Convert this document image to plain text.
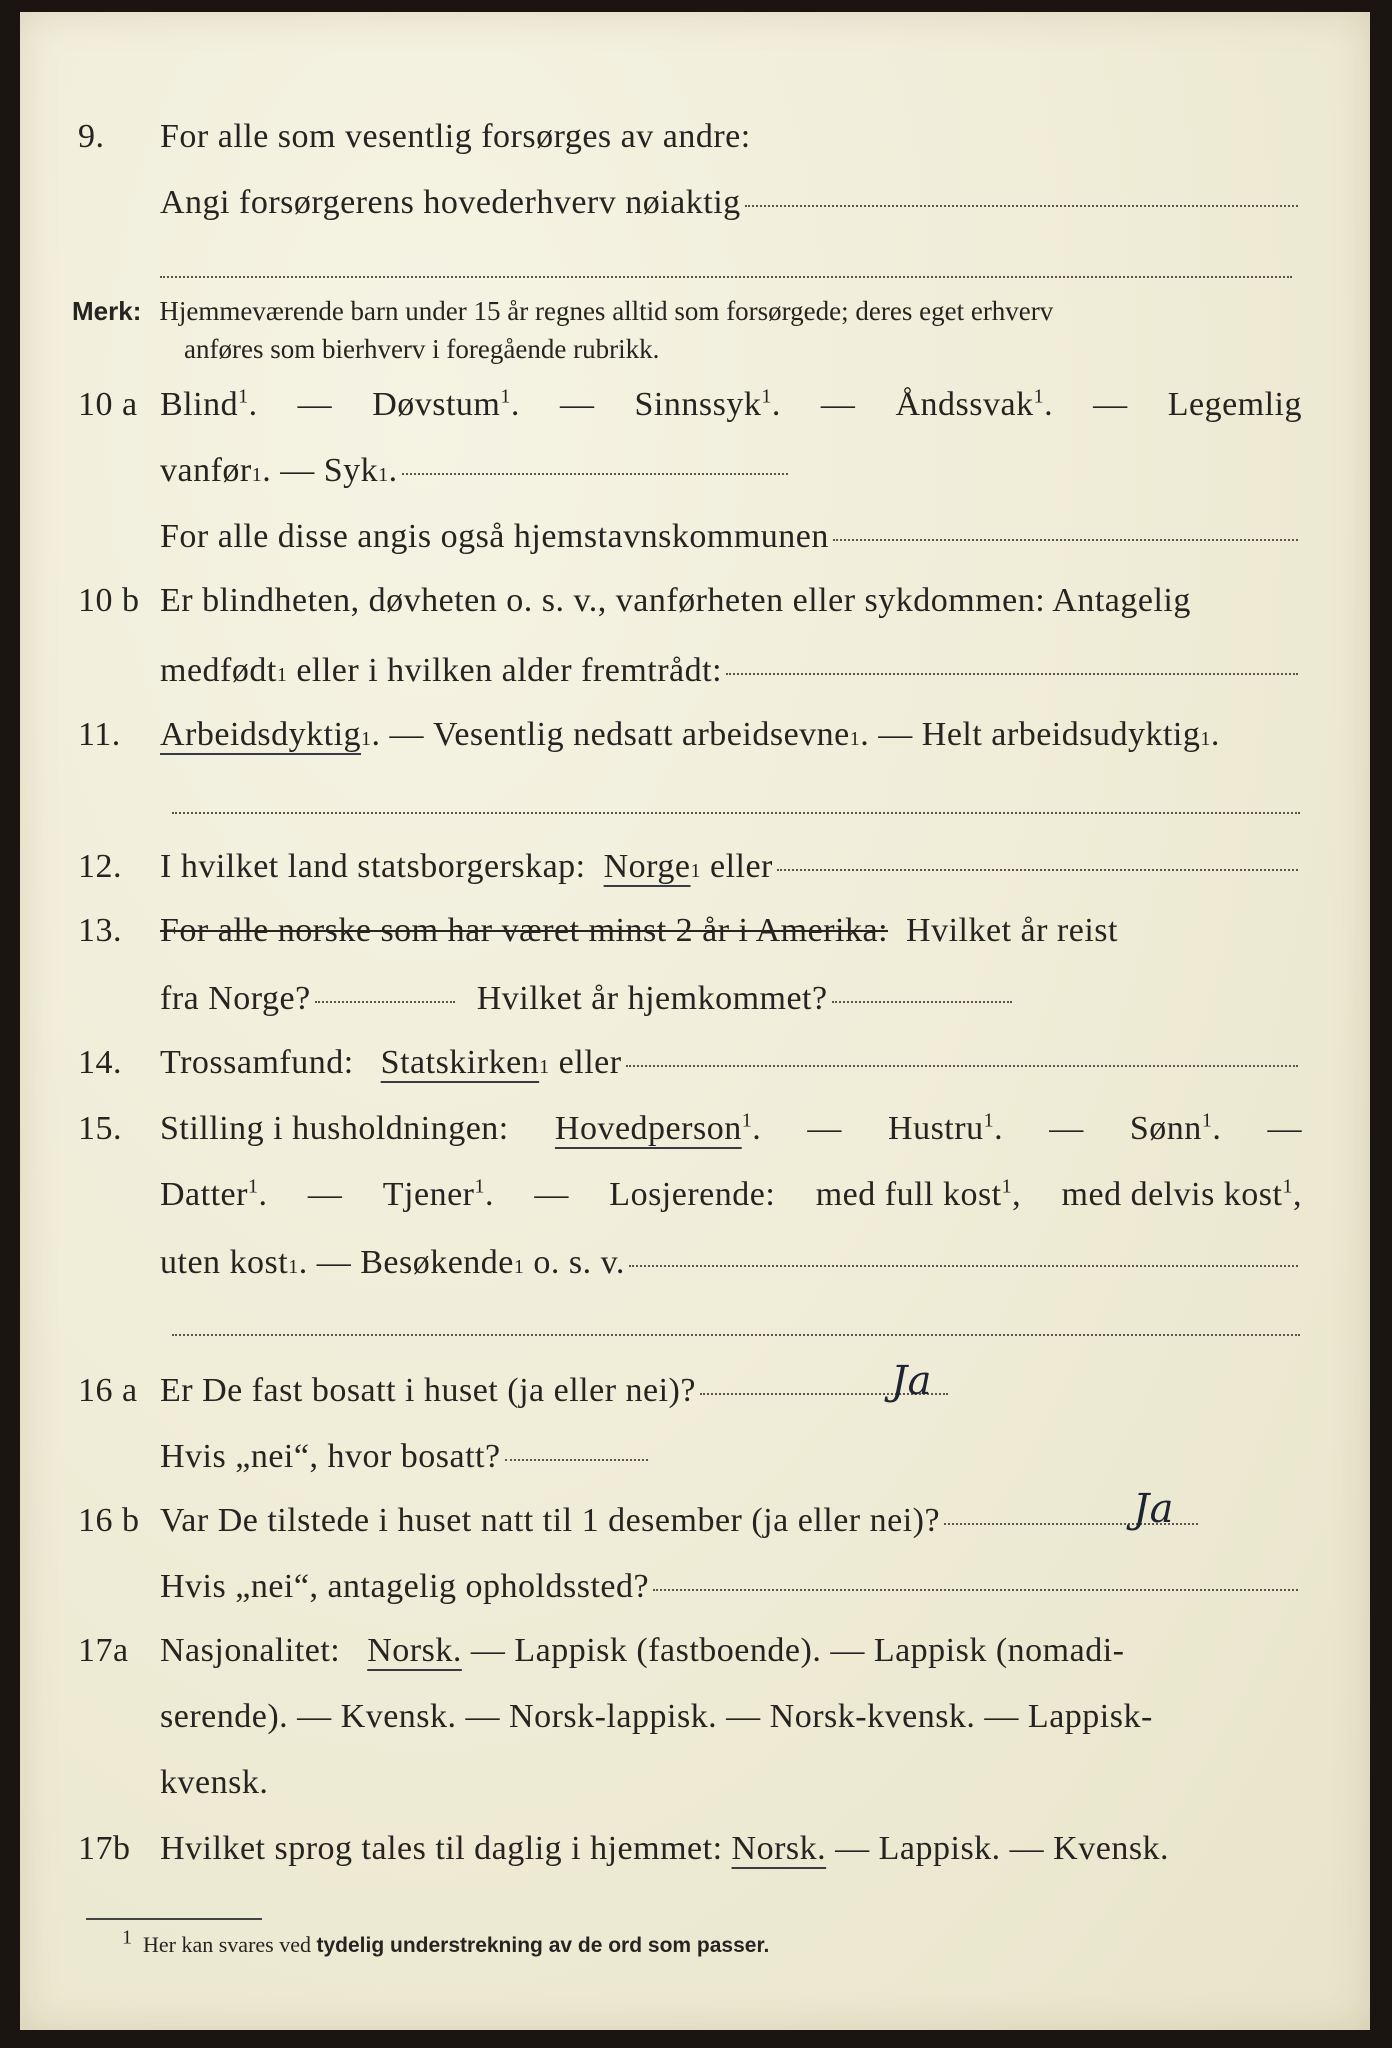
9.	For alle som vesentlig forsørges av andre:
Angi forsørgerens hovederhverv nøiaktig
Merk: Hjemmeværende barn under 15 år regnes alltid som forsørgede; deres eget erhverv
anføres som bierhverv i foregående rubrikk.
10 a Blind$^1$. — Døvstum$^1$. — Sinnssyk$^1$. — Åndssvak$^1$. — Legemlig
vanfør 1 .
—
Syk 1 .
For alle disse angis også hjemstavnskommunen
10 b Er blindheten, døvheten o. s. v., vanførheten eller sykdommen: Antagelig
medfødt 1
eller i hvilken alder fremtrådt:
11.	Arbeidsdyktig 1 .
—
Vesentlig nedsatt arbeidsevne 1 .
—
Helt arbeidsudyktig 1 .
12.	I hvilket land statsborgerskap:
Norge 1
eller
13.	For alle norske som har været minst 2 år i Amerika:
Hvilket år reist
fra Norge?
	Hvilket år hjemkommet?
14.	Trossamfund:
Statskirken 1
eller
15.	Stilling i husholdningen: Hovedperson$^1$. — Hustru$^1$. — Sønn$^1$. —
Datter$^1$. — Tjener$^1$. — Losjerende: med full kost$^1$, med delvis kost$^1$,
uten kost 1 .
—
Besøkende 1
o. s. v.
16 a Er De fast bosatt i huset (ja eller nei)?	Ja
Hvis „nei“, hvor bosatt?
16 b Var De tilstede i huset natt til 1 desember (ja eller nei)?	Ja
Hvis „nei“, antagelig opholdssted?
17a Nasjonalitet:
Norsk.
— Lappisk (fastboende). — Lappisk (nomadi-
serende). — Kvensk. — Norsk-lappisk. — Norsk-kvensk. — Lappisk-
kvensk.
17b Hvilket sprog tales til daglig i hjemmet:
Norsk.
— Lappisk. — Kvensk.
1 Her kan svares ved tydelig understrekning av de ord som passer.
